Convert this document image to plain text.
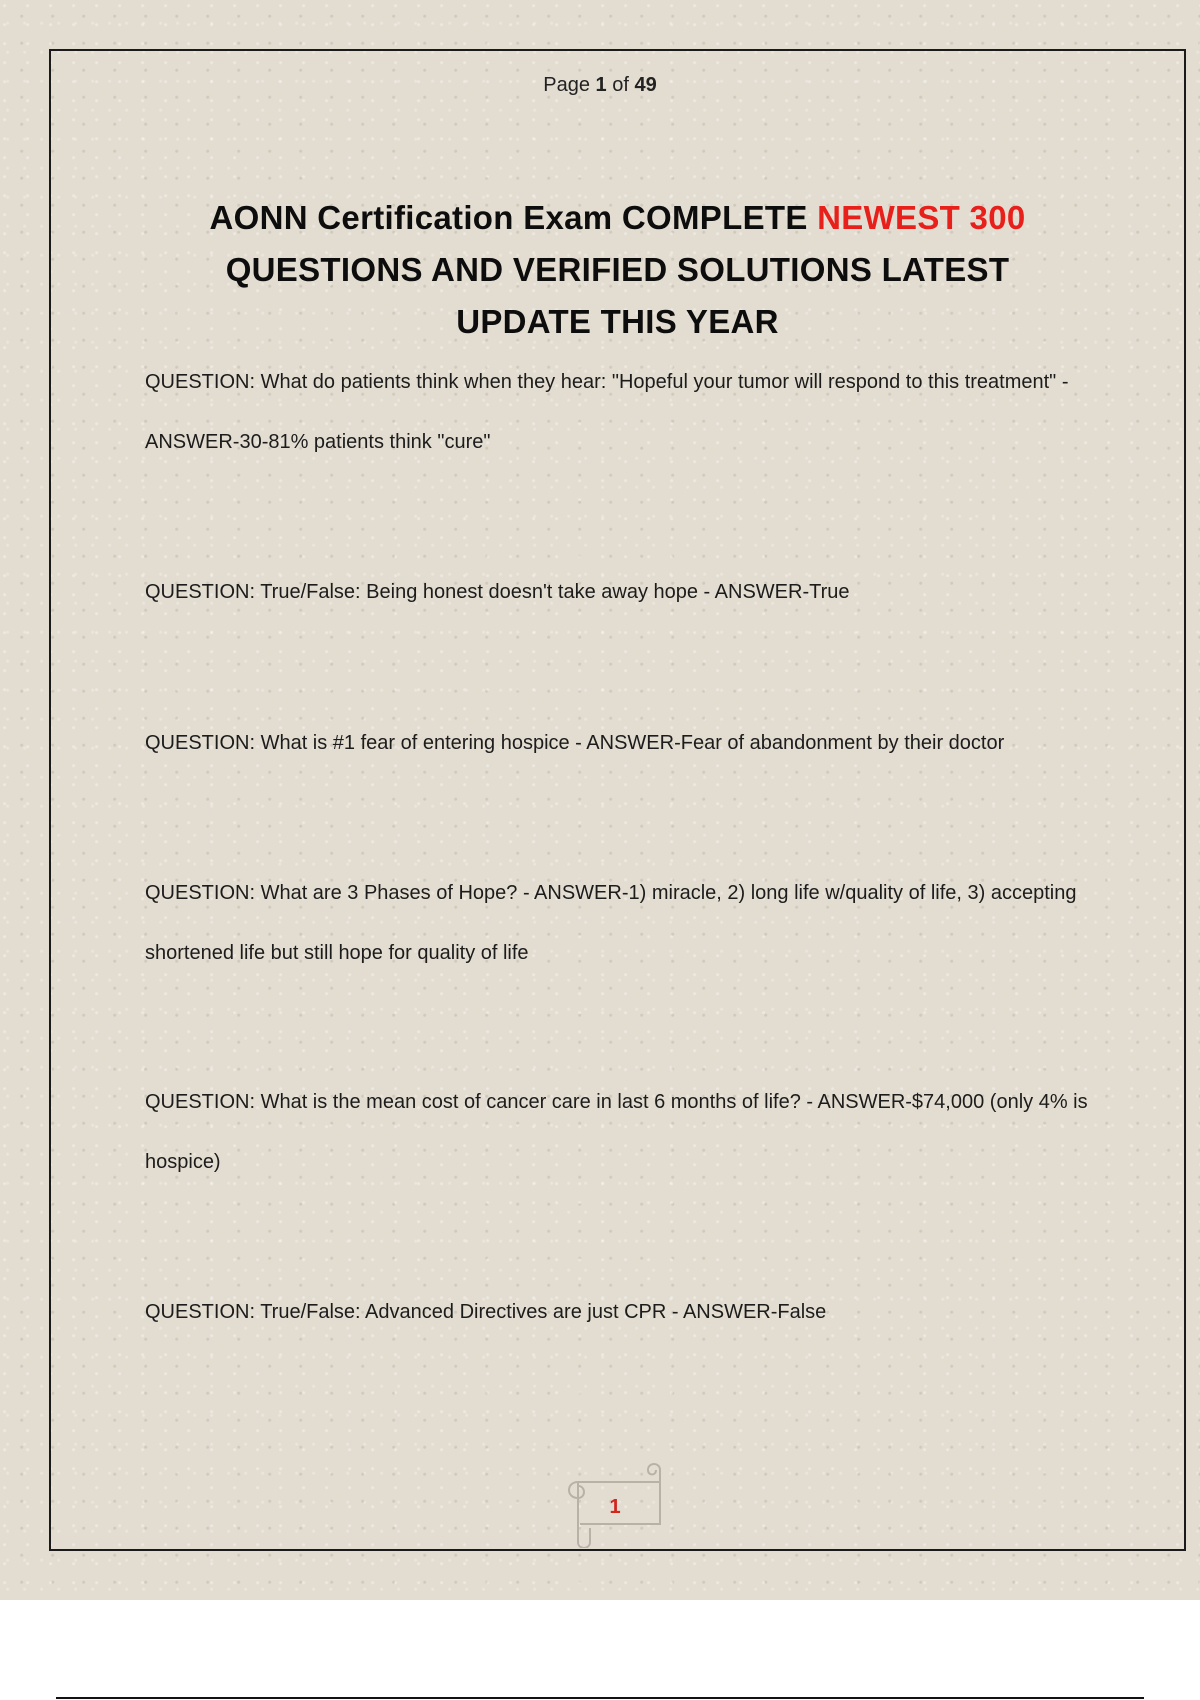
Page 1 of 49
AONN Certification Exam COMPLETE NEWEST 300
QUESTIONS AND VERIFIED SOLUTIONS LATEST
UPDATE THIS YEAR
QUESTION: What do patients think when they hear: "Hopeful your tumor will respond to this treatment" - ANSWER-30-81% patients think "cure"
QUESTION: True/False: Being honest doesn't take away hope - ANSWER-True
QUESTION: What is #1 fear of entering hospice - ANSWER-Fear of abandonment by their doctor
QUESTION: What are 3 Phases of Hope? - ANSWER-1) miracle, 2) long life w/quality of life, 3) accepting shortened life but still hope for quality of life
QUESTION: What is the mean cost of cancer care in last 6 months of life? - ANSWER-$74,000 (only 4% is hospice)
QUESTION: True/False: Advanced Directives are just CPR - ANSWER-False
1
